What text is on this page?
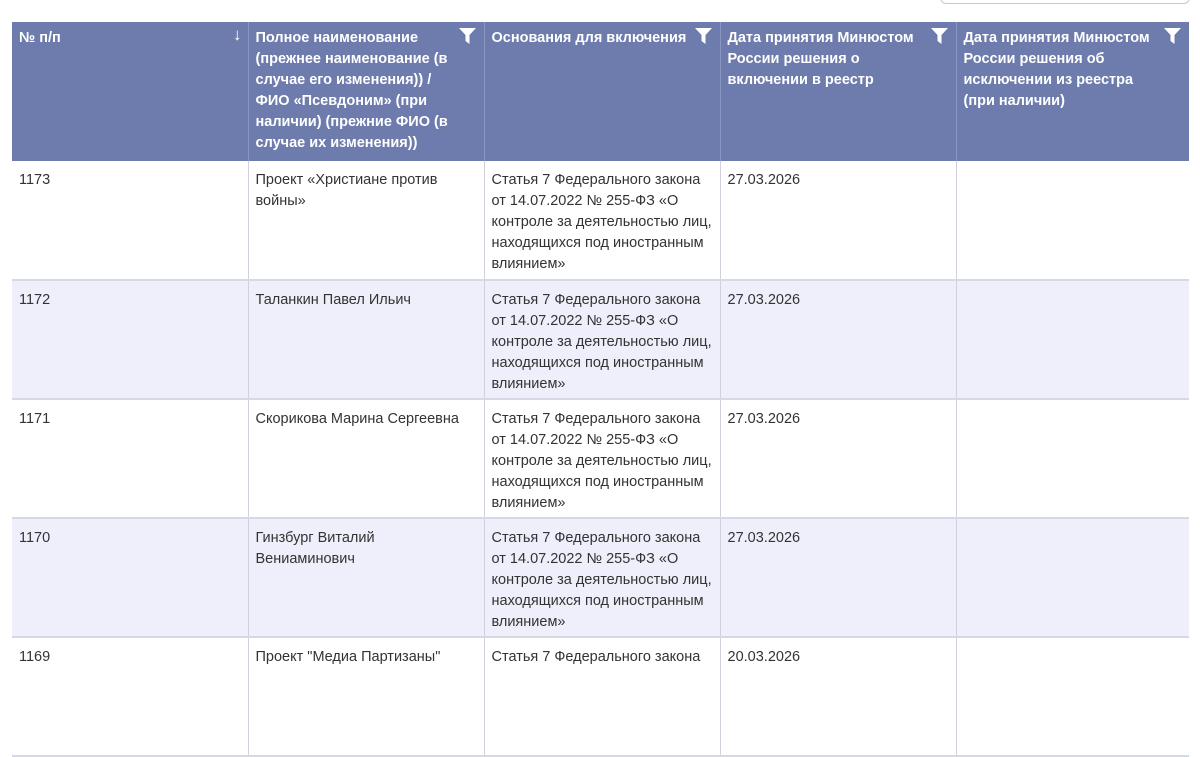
№ п/п ↓	Полное наименование (прежнее наименование (в случае его изменения)) / ФИО «Псевдоним» (при наличии) (прежние ФИО (в случае их изменения))	Основания для включения	Дата принятия Минюстом России решения о включении в реестр	Дата принятия Минюстом России решения об исключении из реестра (при наличии)

1173	Проект «Христиане против войны»	Статья 7 Федерального закона от 14.07.2022 № 255-ФЗ «О контроле за деятельностью лиц, находящихся под иностранным влиянием»	27.03.2026	
1172	Таланкин Павел Ильич	Статья 7 Федерального закона от 14.07.2022 № 255-ФЗ «О контроле за деятельностью лиц, находящихся под иностранным влиянием»	27.03.2026	
1171	Скорикова Марина Сергеевна	Статья 7 Федерального закона от 14.07.2022 № 255-ФЗ «О контроле за деятельностью лиц, находящихся под иностранным влиянием»	27.03.2026	
1170	Гинзбург Виталий Вениаминович	Статья 7 Федерального закона от 14.07.2022 № 255-ФЗ «О контроле за деятельностью лиц, находящихся под иностранным влиянием»	27.03.2026	
1169	Проект "Медиа Партизаны"	Статья 7 Федерального закона	20.03.2026	
